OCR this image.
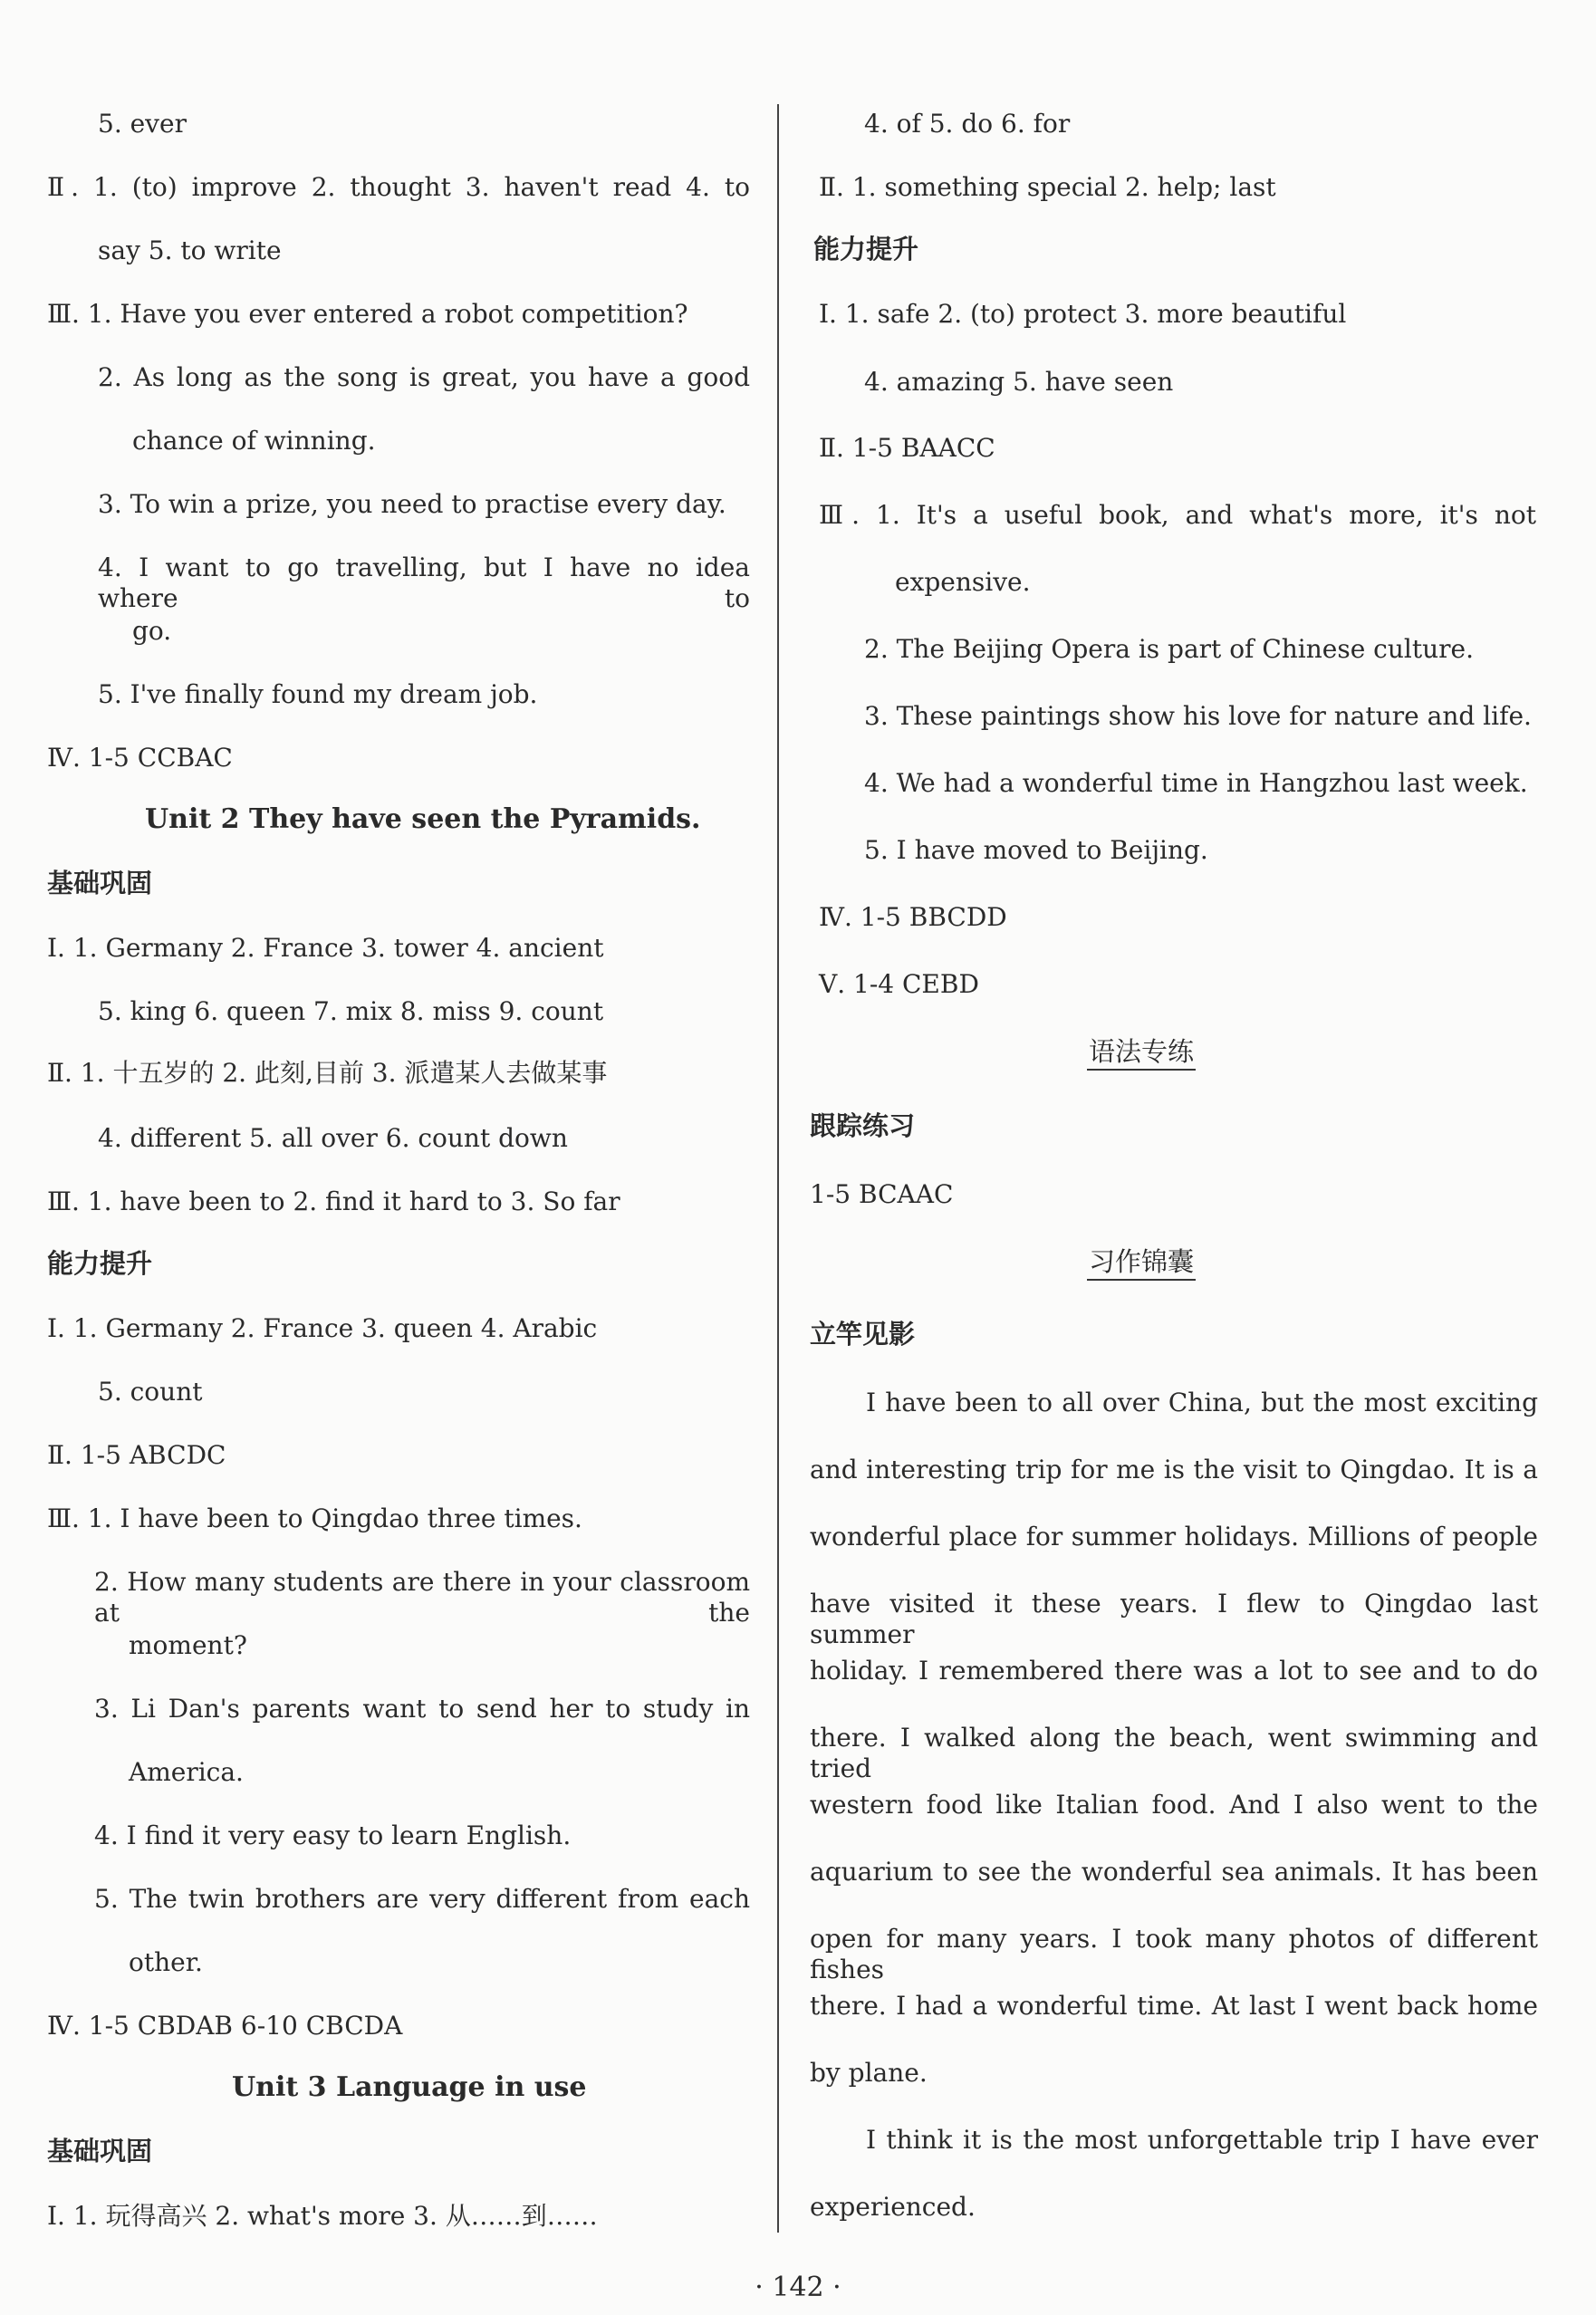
5. ever
Ⅱ. 1. (to) improve 2. thought 3. haven't read 4. to
say 5. to write
Ⅲ. 1. Have you ever entered a robot competition?
2. As long as the song is great, you have a good
chance of winning.
3. To win a prize, you need to practise every day.
4. I want to go travelling, but I have no idea where to
go.
5. I've finally found my dream job.
Ⅳ. 1-5 CCBAC
Unit 2 They have seen the Pyramids.
基础巩固
Ⅰ. 1. Germany 2. France 3. tower 4. ancient
5. king 6. queen 7. mix 8. miss 9. count
Ⅱ. 1. 十五岁的 2. 此刻,目前 3. 派遣某人去做某事
4. different 5. all over 6. count down
Ⅲ. 1. have been to 2. find it hard to 3. So far
能力提升
Ⅰ. 1. Germany 2. France 3. queen 4. Arabic
5. count
Ⅱ. 1-5 ABCDC
Ⅲ. 1. I have been to Qingdao three times.
2. How many students are there in your classroom at the
moment?
3. Li Dan's parents want to send her to study in
America.
4. I find it very easy to learn English.
5. The twin brothers are very different from each
other.
Ⅳ. 1-5 CBDAB 6-10 CBCDA
Unit 3 Language in use
基础巩固
Ⅰ. 1. 玩得高兴 2. what's more 3. 从……到……
4. of 5. do 6. for
Ⅱ. 1. something special 2. help; last
能力提升
Ⅰ. 1. safe 2. (to) protect 3. more beautiful
4. amazing 5. have seen
Ⅱ. 1-5 BAACC
Ⅲ. 1. It's a useful book, and what's more, it's not
expensive.
2. The Beijing Opera is part of Chinese culture.
3. These paintings show his love for nature and life.
4. We had a wonderful time in Hangzhou last week.
5. I have moved to Beijing.
Ⅳ. 1-5 BBCDD
Ⅴ. 1-4 CEBD
语法专练
跟踪练习
1-5 BCAAC
习作锦囊
立竿见影
I have been to all over China, but the most exciting
and interesting trip for me is the visit to Qingdao. It is a
wonderful place for summer holidays. Millions of people
have visited it these years. I flew to Qingdao last summer
holiday. I remembered there was a lot to see and to do
there. I walked along the beach, went swimming and tried
western food like Italian food. And I also went to the
aquarium to see the wonderful sea animals. It has been
open for many years. I took many photos of different fishes
there. I had a wonderful time. At last I went back home
by plane.
I think it is the most unforgettable trip I have ever
experienced.
· 142 ·
